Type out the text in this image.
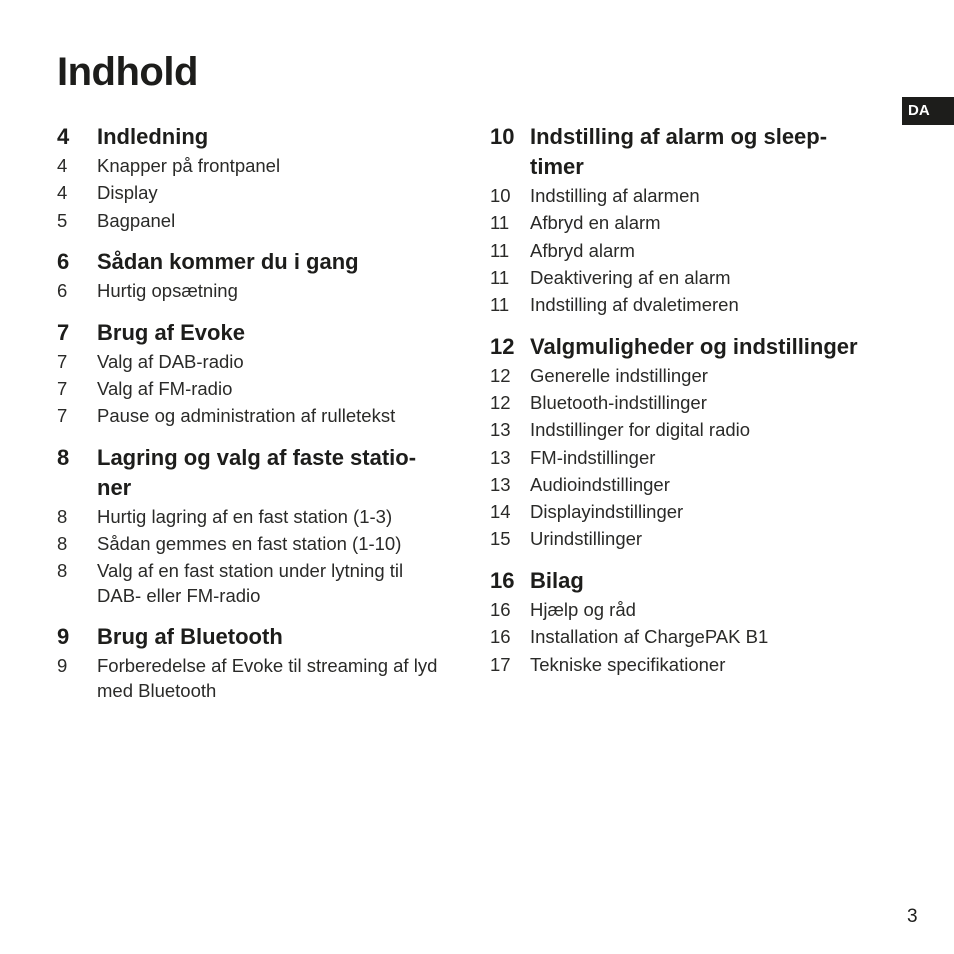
Indhold
DA
4	Indledning
4	Knapper på frontpanel
4	Display
5	Bagpanel
6	Sådan kommer du i gang
6	Hurtig opsætning
7	Brug af Evoke
7	Valg af DAB-radio
7	Valg af FM-radio
7	Pause og administration af rulletekst
8	Lagring og valg af faste statio-
ner
8	Hurtig lagring af en fast station (1-3)
8	Sådan gemmes en fast station (1-10)
8	Valg af en fast station under lytning til
DAB- eller FM-radio
9	Brug af Bluetooth
9	Forberedelse af Evoke til streaming af lyd
med Bluetooth
10 Indstilling af alarm og sleep-
timer
10	Indstilling af alarmen
11	Afbryd en alarm
11	Afbryd alarm
11	Deaktivering af en alarm
11	Indstilling af dvaletimeren
12 Valgmuligheder og indstillinger
12	Generelle indstillinger
12	Bluetooth-indstillinger
13	Indstillinger for digital radio
13	FM-indstillinger
13	Audioindstillinger
14	Displayindstillinger
15	Urindstillinger
16 Bilag
16	Hjælp og råd
16	Installation af ChargePAK B1
17	Tekniske specifikationer
3
